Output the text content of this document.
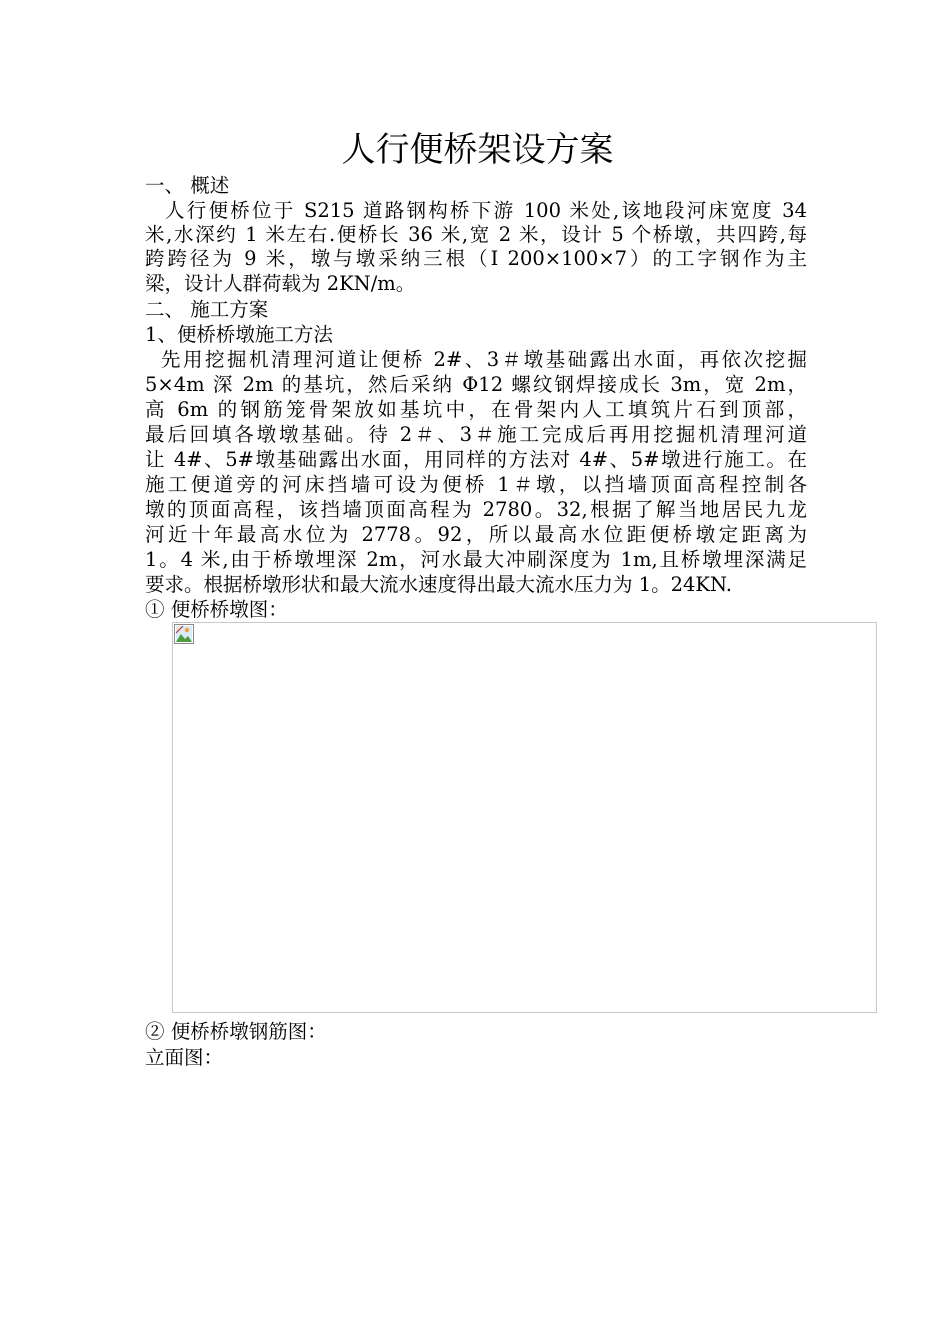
人行便桥架设方案
一、 概述
人行便桥位于 S215 道路钢构桥下游 100 米处,该地段河床宽度 34
米,水深约 1 米左右.便桥长 36 米,宽 2 米，设计 5 个桥墩，共四跨,每
跨跨径为 9 米，墩与墩采纳三根（I 200×100×7）的工字钢作为主
梁，设计人群荷载为 2KN/m。
二、 施工方案
1、便桥桥墩施工方法
先用挖掘机清理河道让便桥 2#、3＃墩基础露出水面，再依次挖掘
5×4m 深 2m 的基坑，然后采纳 Φ12 螺纹钢焊接成长 3m，宽 2m，
高 6m 的钢筋笼骨架放如基坑中，在骨架内人工填筑片石到顶部，
最后回填各墩墩基础。待 2＃、3＃施工完成后再用挖掘机清理河道
让 4#、5#墩基础露出水面，用同样的方法对 4#、5#墩进行施工。在
施工便道旁的河床挡墙可设为便桥 1＃墩，以挡墙顶面高程控制各
墩的顶面高程，该挡墙顶面高程为 2780。32,根据了解当地居民九龙
河近十年最高水位为 2778。92，所以最高水位距便桥墩定距离为
1。4 米,由于桥墩埋深 2m，河水最大冲刷深度为 1m,且桥墩埋深满足
要求。根据桥墩形状和最大流水速度得出最大流水压力为 1。24KN.
① 便桥桥墩图：
② 便桥桥墩钢筋图：
立面图：
